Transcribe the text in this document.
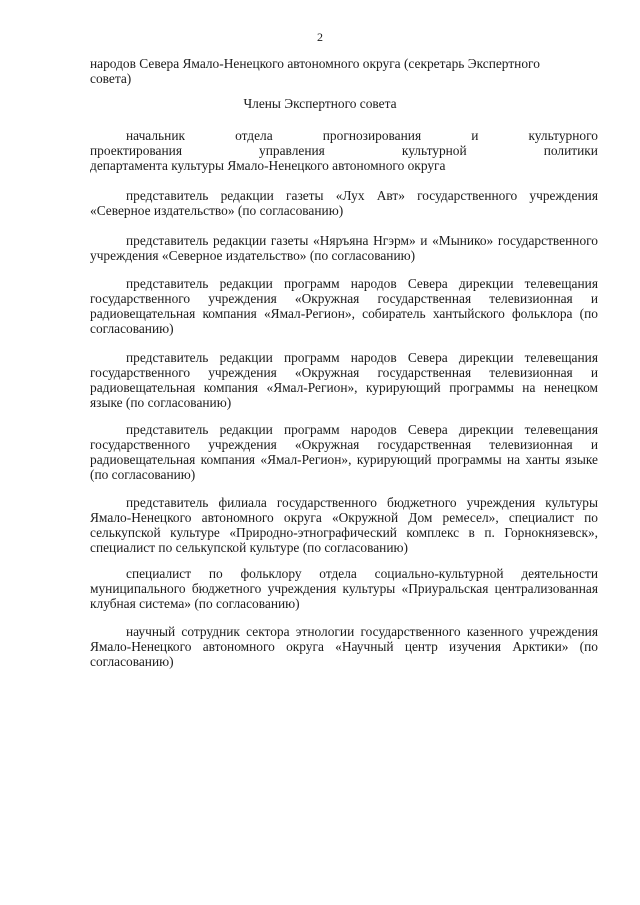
2

народов Севера Ямало-Ненецкого автономного округа (секретарь Экспертного

совета)

Члены Экспертного совета

начальник	отдела	прогнозирования	и	культурного

проектирования	управления	культурной	политики

департамента культуры Ямало-Ненецкого автономного округа

представитель редакции газеты «Лух Авт» государственного учреждения «Северное издательство» (по согласованию)

представитель редакции газеты «Няръяна Нгэрм» и «Мынико» государственного учреждения «Северное издательство» (по согласованию)

представитель редакции программ народов Севера дирекции телевещания государственного учреждения «Окружная государственная телевизионная и радиовещательная компания «Ямал-Регион», собиратель хантыйского фольклора (по согласованию)

представитель редакции программ народов Севера дирекции телевещания государственного учреждения «Окружная государственная телевизионная и радиовещательная компания «Ямал-Регион», курирующий программы на ненецком языке (по согласованию)

представитель редакции программ народов Севера дирекции телевещания государственного учреждения «Окружная государственная телевизионная и радиовещательная компания «Ямал-Регион», курирующий программы на ханты языке (по согласованию)

представитель филиала государственного бюджетного учреждения культуры Ямало-Ненецкого автономного округа «Окружной Дом ремесел», специалист по селькупской культуре «Природно-этнографический комплекс в п. Горнокнязевск», специалист по селькупской культуре (по согласованию)

специалист по фольклору отдела социально-культурной деятельности муниципального бюджетного учреждения культуры «Приуральская централизованная клубная система» (по согласованию)

научный сотрудник сектора этнологии государственного казенного учреждения Ямало-Ненецкого автономного округа «Научный центр изучения Арктики» (по согласованию)
